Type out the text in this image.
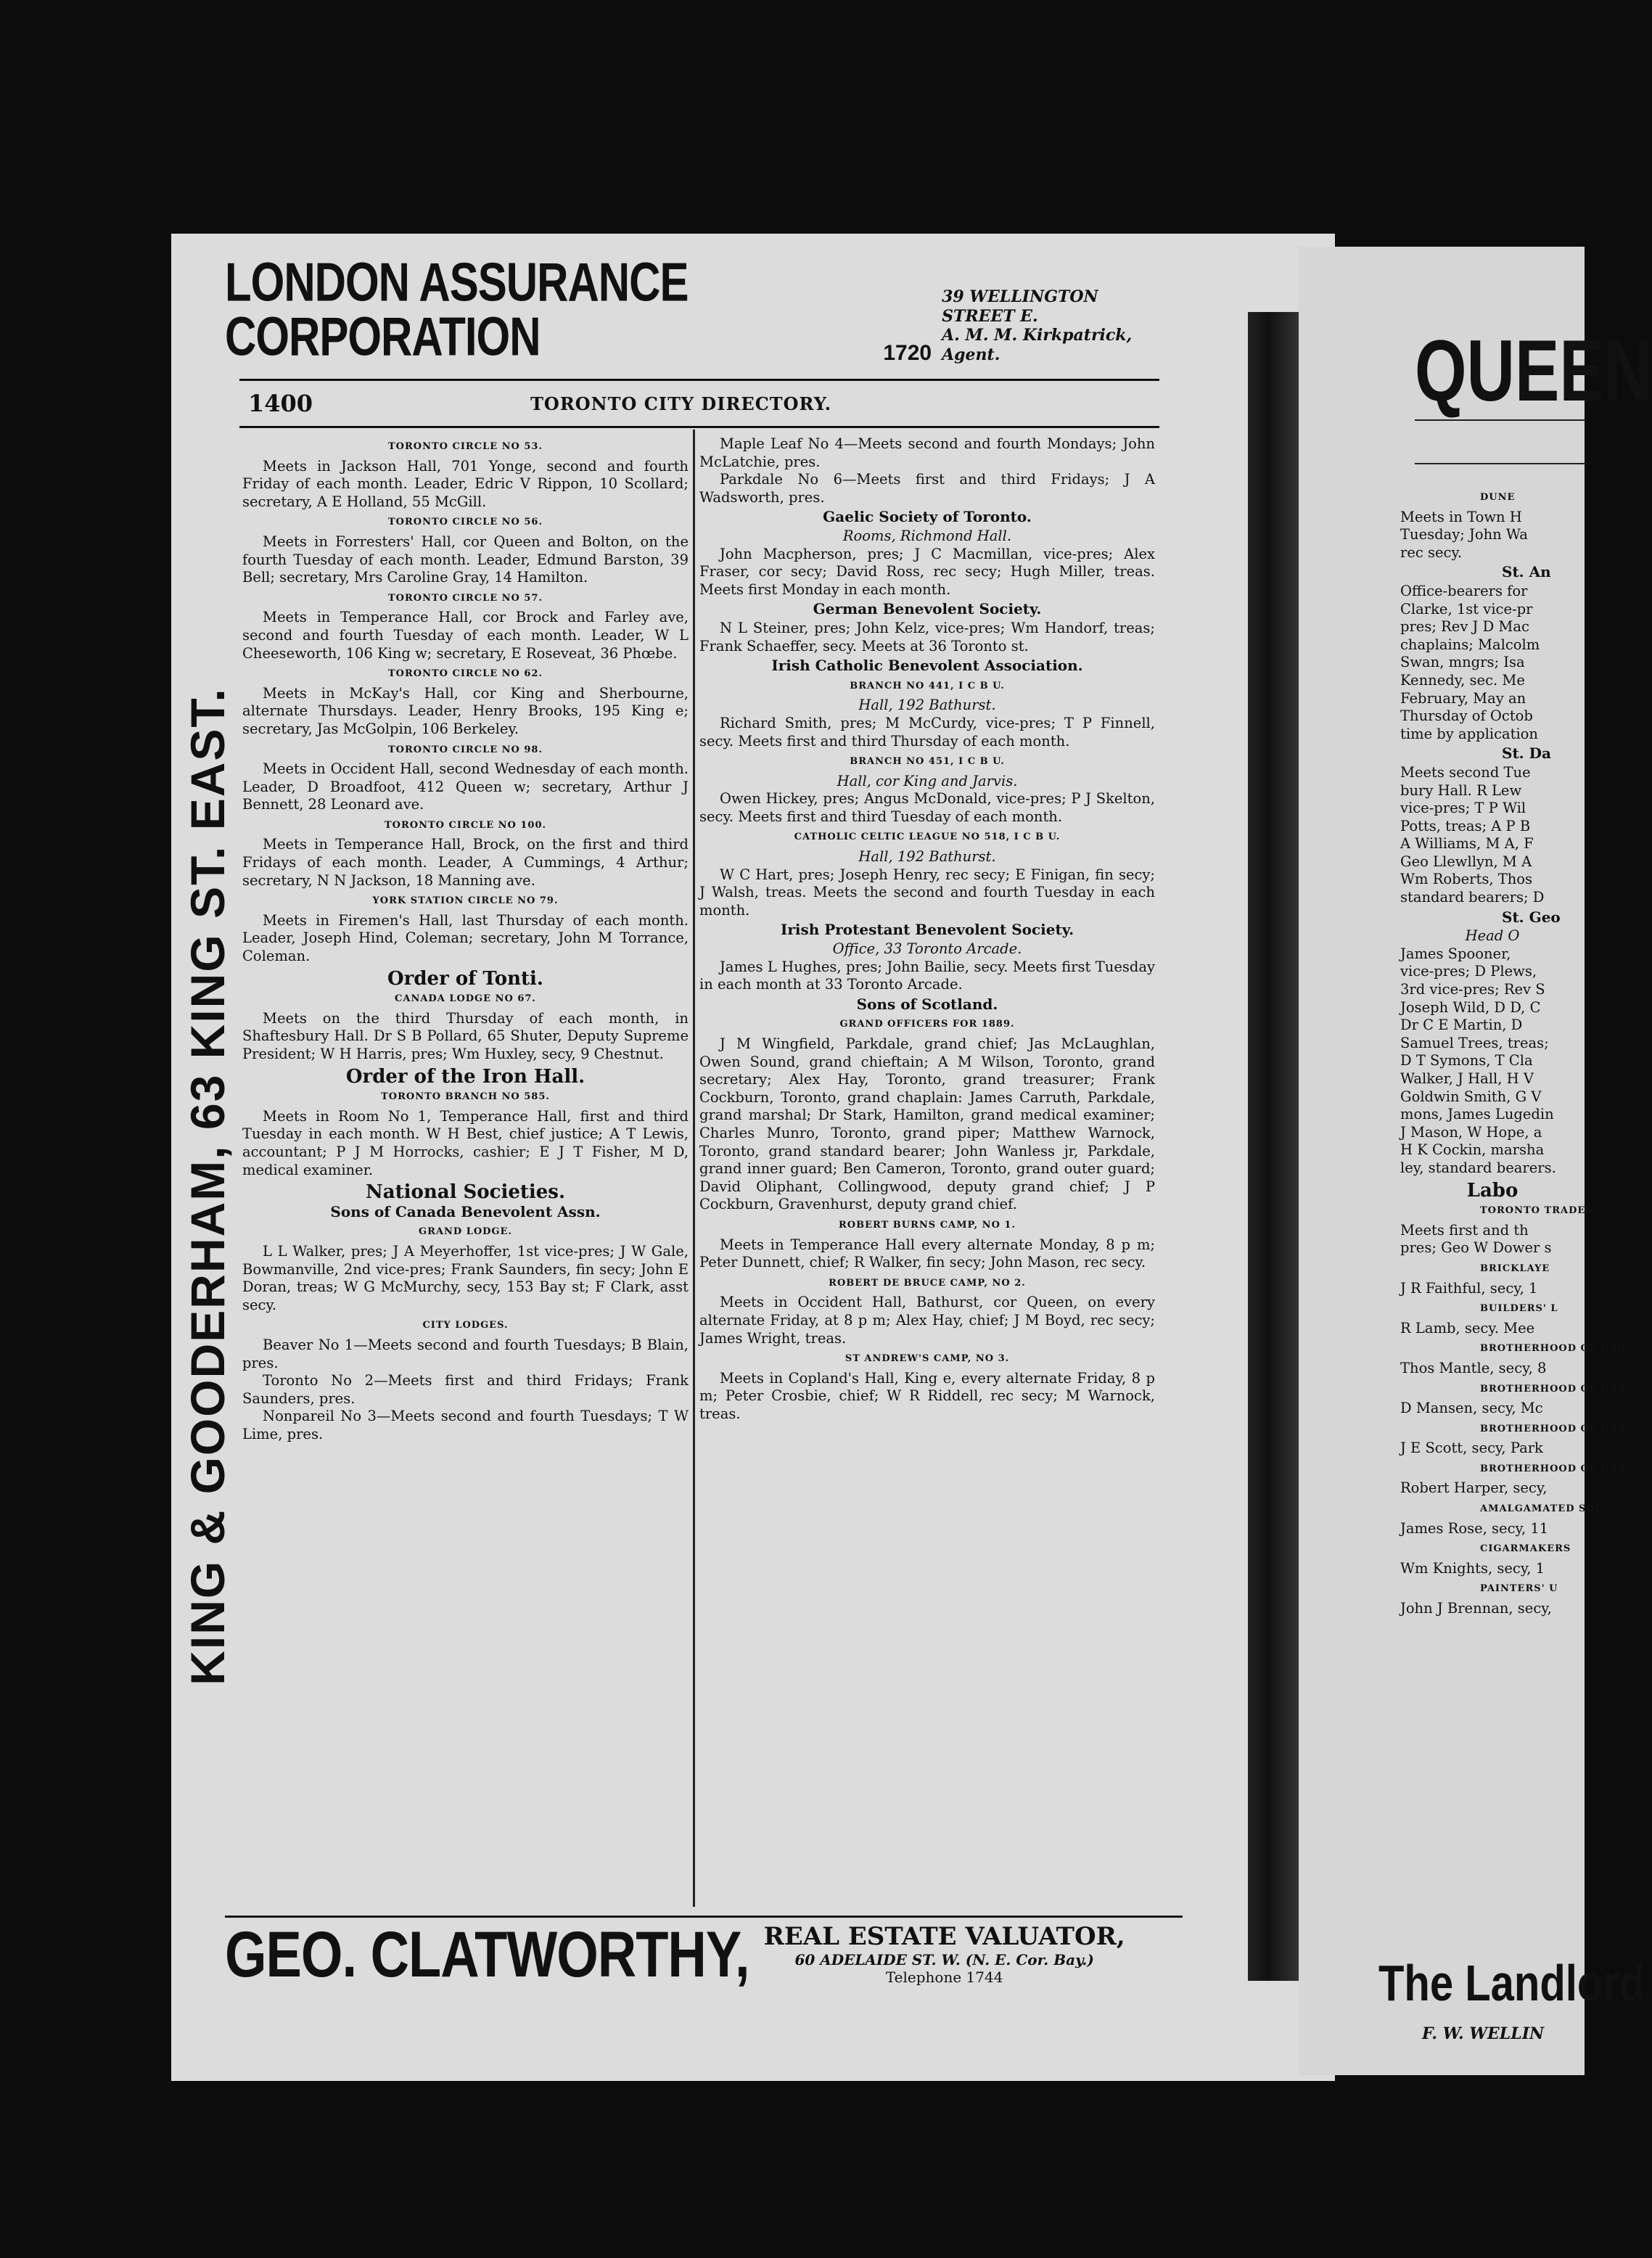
KING & GOODERHAM, 63 KING ST. EAST.
LONDON ASSURANCE CORPORATION	1720
39 WELLINGTON STREET E.
A. M. M. Kirkpatrick, Agent.
1400	TORONTO CITY DIRECTORY.
TORONTO CIRCLE NO 53.

Meets in Jackson Hall, 701 Yonge, second and fourth Friday of each month. Leader, Edric V Rippon, 10 Scollard; secretary, A E Holland, 55 McGill.

TORONTO CIRCLE NO 56.

Meets in Forresters' Hall, cor Queen and Bolton, on the fourth Tuesday of each month. Leader, Edmund Barston, 39 Bell; secretary, Mrs Caroline Gray, 14 Hamilton.

TORONTO CIRCLE NO 57.

Meets in Temperance Hall, cor Brock and Farley ave, second and fourth Tuesday of each month. Leader, W L Cheeseworth, 106 King w; secretary, E Roseveat, 36 Phœbe.

TORONTO CIRCLE NO 62.

Meets in McKay's Hall, cor King and Sherbourne, alternate Thursdays. Leader, Henry Brooks, 195 King e; secretary, Jas McGolpin, 106 Berkeley.

TORONTO CIRCLE NO 98.

Meets in Occident Hall, second Wednesday of each month. Leader, D Broadfoot, 412 Queen w; secretary, Arthur J Bennett, 28 Leonard ave.

TORONTO CIRCLE NO 100.

Meets in Temperance Hall, Brock, on the first and third Fridays of each month. Leader, A Cummings, 4 Arthur; secretary, N N Jackson, 18 Manning ave.

YORK STATION CIRCLE NO 79.

Meets in Firemen's Hall, last Thursday of each month. Leader, Joseph Hind, Coleman; secretary, John M Torrance, Coleman.

Order of Tonti.
CANADA LODGE NO 67.

Meets on the third Thursday of each month, in Shaftesbury Hall. Dr S B Pollard, 65 Shuter, Deputy Supreme President; W H Harris, pres; Wm Huxley, secy, 9 Chestnut.

Order of the Iron Hall.
TORONTO BRANCH NO 585.

Meets in Room No 1, Temperance Hall, first and third Tuesday in each month. W H Best, chief justice; A T Lewis, accountant; P J M Horrocks, cashier; E J T Fisher, M D, medical examiner.

National Societies.
Sons of Canada Benevolent Assn.
GRAND LODGE.

L L Walker, pres; J A Meyerhoffer, 1st vice-pres; J W Gale, Bowmanville, 2nd vice-pres; Frank Saunders, fin secy; John E Doran, treas; W G McMurchy, secy, 153 Bay st; F Clark, asst secy.

CITY LODGES.

Beaver No 1—Meets second and fourth Tuesdays; B Blain, pres.

Toronto No 2—Meets first and third Fridays; Frank Saunders, pres.

Nonpareil No 3—Meets second and fourth Tuesdays; T W Lime, pres.

Maple Leaf No 4—Meets second and fourth Mondays; John McLatchie, pres.

Parkdale No 6—Meets first and third Fridays; J A Wadsworth, pres.

Gaelic Society of Toronto.
Rooms, Richmond Hall.

John Macpherson, pres; J C Macmillan, vice-pres; Alex Fraser, cor secy; David Ross, rec secy; Hugh Miller, treas. Meets first Monday in each month.

German Benevolent Society.

N L Steiner, pres; John Kelz, vice-pres; Wm Handorf, treas; Frank Schaeffer, secy. Meets at 36 Toronto st.

Irish Catholic Benevolent Association.
BRANCH NO 441, I C B U.
Hall, 192 Bathurst.

Richard Smith, pres; M McCurdy, vice-pres; T P Finnell, secy. Meets first and third Thursday of each month.

BRANCH NO 451, I C B U.
Hall, cor King and Jarvis.

Owen Hickey, pres; Angus McDonald, vice-pres; P J Skelton, secy. Meets first and third Tuesday of each month.

CATHOLIC CELTIC LEAGUE NO 518, I C B U.
Hall, 192 Bathurst.

W C Hart, pres; Joseph Henry, rec secy; E Finigan, fin secy; J Walsh, treas. Meets the second and fourth Tuesday in each month.

Irish Protestant Benevolent Society.
Office, 33 Toronto Arcade.

James L Hughes, pres; John Bailie, secy. Meets first Tuesday in each month at 33 Toronto Arcade.

Sons of Scotland.
GRAND OFFICERS FOR 1889.

J M Wingfield, Parkdale, grand chief; Jas McLaughlan, Owen Sound, grand chieftain; A M Wilson, Toronto, grand secretary; Alex Hay, Toronto, grand treasurer; Frank Cockburn, Toronto, grand chaplain: James Carruth, Parkdale, grand marshal; Dr Stark, Hamilton, grand medical examiner; Charles Munro, Toronto, grand piper; Matthew Warnock, Toronto, grand standard bearer; John Wanless jr, Parkdale, grand inner guard; Ben Cameron, Toronto, grand outer guard; David Oliphant, Collingwood, deputy grand chief; J P Cockburn, Gravenhurst, deputy grand chief.

ROBERT BURNS CAMP, NO 1.

Meets in Temperance Hall every alternate Monday, 8 p m; Peter Dunnett, chief; R Walker, fin secy; John Mason, rec secy.

ROBERT DE BRUCE CAMP, NO 2.

Meets in Occident Hall, Bathurst, cor Queen, on every alternate Friday, at 8 p m; Alex Hay, chief; J M Boyd, rec secy; James Wright, treas.

ST ANDREW'S CAMP, NO 3.

Meets in Copland's Hall, King e, every alternate Friday, 8 p m; Peter Crosbie, chief; W R Riddell, rec secy; M Warnock, treas.

GEO. CLATWORTHY, REAL ESTATE VALUATOR,
60 ADELAIDE ST. W. (N. E. Cor. Bay.)
Telephone 1744
QUEEN
DUNE
Meets in Town H
Tuesday; John Wa
rec secy.
St. An
Office-bearers for
Clarke, 1st vice-pr
pres; Rev J D Mac
chaplains; Malcolm
Swan, mngrs; Isa
Kennedy, sec. Me
February, May an
Thursday of Octob
time by application
St. Da
Meets second Tue
bury Hall. R Lew
vice-pres; T P Wil
Potts, treas; A P B
A Williams, M A, F
Geo Llewllyn, M A
Wm Roberts, Thos
standard bearers; D
St. Geo
Head O
James Spooner,
vice-pres; D Plews,
3rd vice-pres; Rev S
Joseph Wild, D D, C
Dr C E Martin, D
Samuel Trees, treas;
D T Symons, T Cla
Walker, J Hall, H V
Goldwin Smith, G V
mons, James Lugedin
J Mason, W Hope, a
H K Cockin, marsha
ley, standard bearers.
Labo
TORONTO TRADES
Meets first and th
pres; Geo W Dower s
BRICKLAYE
J R Faithful, secy, 1
BUILDERS' L
R Lamb, secy. Mee
BROTHERHOOD OF CAR
Thos Mantle, secy, 8
BROTHERHOOD OF CAR
D Mansen, secy, Mc
BROTHERHOOD OF CAR
J E Scott, secy, Park
BROTHERHOOD OF CAR
Robert Harper, secy,
AMALGAMATED SOC
James Rose, secy, 11
CIGARMAKERS
Wm Knights, secy, 1
PAINTERS' U
John J Brennan, secy,
The Landlord
F. W. WELLIN
